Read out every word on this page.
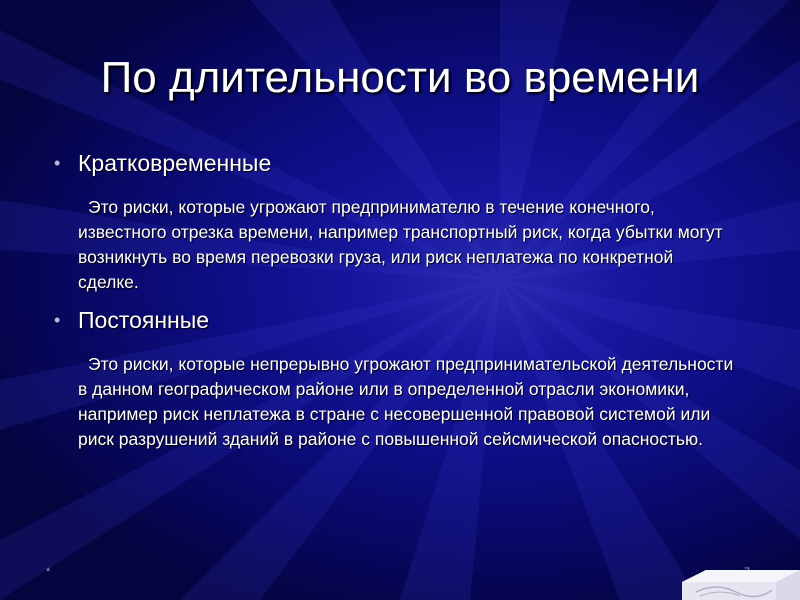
По длительности во времени
• Кратковременные
Это риски, которые угрожают предпринимателю в течение конечного, известного отрезка времени, например транспортный риск, когда убытки могут возникнуть во время перевозки груза, или риск неплатежа по конкретной сделке.
• Постоянные
Это риски, которые непрерывно угрожают предпринимательской деятельности в данном географическом районе или в определенной отрасли экономики, например риск неплатежа в стране с несовершенной правовой системой или риск разрушений зданий в районе с повышенной сейсмической опасностью.
*
